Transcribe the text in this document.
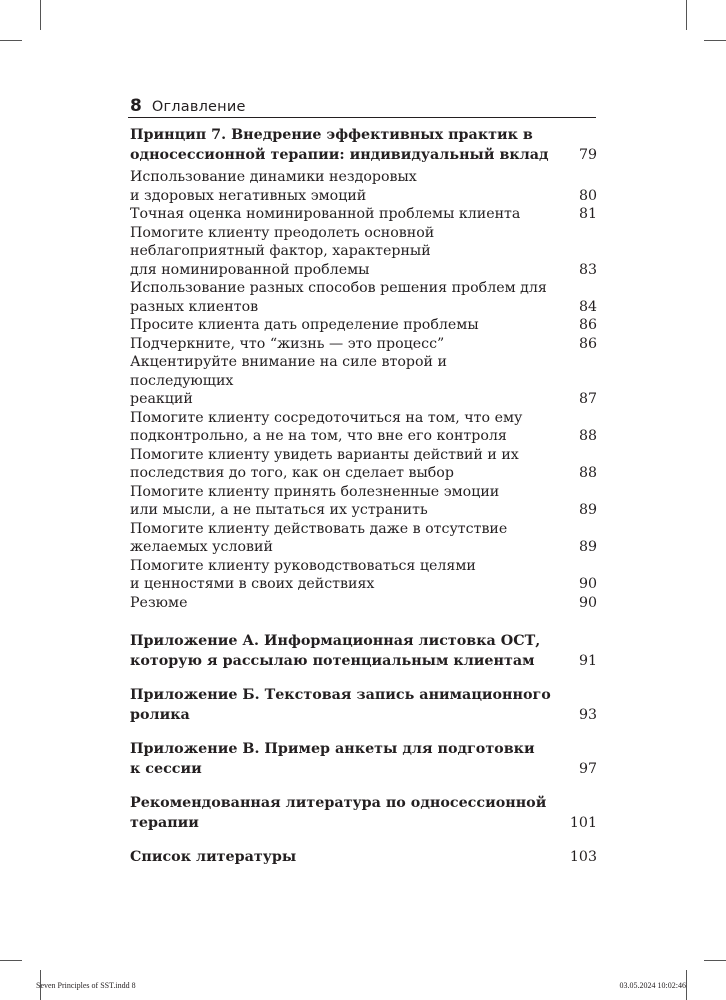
8 Оглавление
Принцип 7. Внедрение эффективных практик в
односессионной терапии: индивидуальный вклад 79
Использование динамики нездоровых
и здоровых негативных эмоций	80
Точная оценка номинированной проблемы клиента	81
Помогите клиенту преодолеть основной
неблагоприятный фактор, характерный
для номинированной проблемы	83
Использование разных способов решения проблем для
разных клиентов	84
Просите клиента дать определение проблемы	86
Подчеркните, что “жизнь — это процесс”	86
Акцентируйте внимание на силе второй и последующих
реакций	87
Помогите клиенту сосредоточиться на том, что ему
подконтрольно, а не на том, что вне его контроля	88
Помогите клиенту увидеть варианты действий и их
последствия до того, как он сделает выбор	88
Помогите клиенту принять болезненные эмоции
или мысли, а не пытаться их устранить	89
Помогите клиенту действовать даже в отсутствие
желаемых условий	89
Помогите клиенту руководствоваться целями
и ценностями в своих действиях	90
Резюме	90
Приложение А. Информационная листовка ОСТ,
которую я рассылаю потенциальным клиентам	91
Приложение Б. Текстовая запись анимационного
ролика	93
Приложение В. Пример анкеты для подготовки
к сессии	97
Рекомендованная литература по односессионной
терапии	101
Список литературы	103
Seven Principles of SST.indd 8	03.05.2024 10:02:46
